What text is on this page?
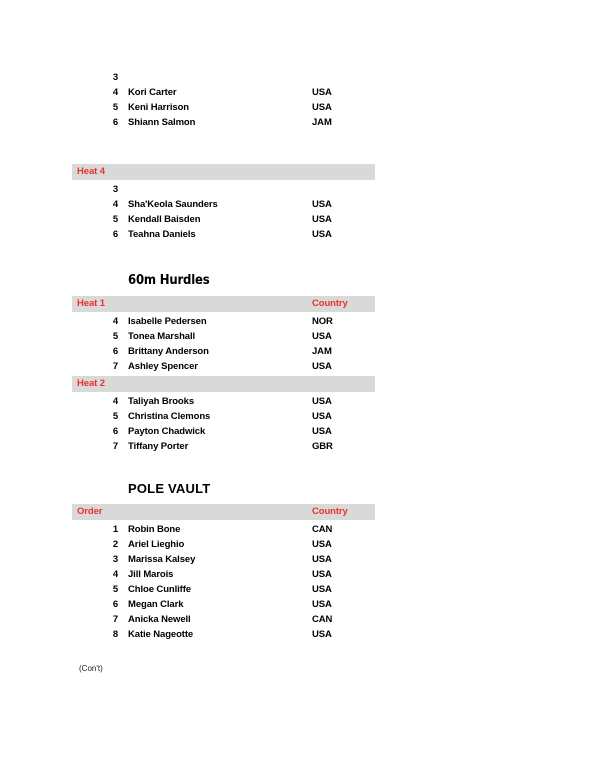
3
4 Kori Carter	USA
5 Keni Harrison	USA
6 Shiann Salmon	JAM
Heat 4
3
4 Sha'Keola Saunders	USA
5 Kendall Baisden	USA
6 Teahna Daniels	USA
60m Hurdles
Heat 1	Country
4 Isabelle Pedersen	NOR
5 Tonea Marshall	USA
6 Brittany Anderson	JAM
7 Ashley Spencer	USA
Heat 2
4 Taliyah Brooks	USA
5 Christina Clemons	USA
6 Payton Chadwick	USA
7 Tiffany Porter	GBR
POLE VAULT
Order	Country
1 Robin Bone	CAN
2 Ariel Lieghio	USA
3 Marissa Kalsey	USA
4 Jill Marois	USA
5 Chloe Cunliffe	USA
6 Megan Clark	USA
7 Anicka Newell	CAN
8 Katie Nageotte	USA
(Con't)
